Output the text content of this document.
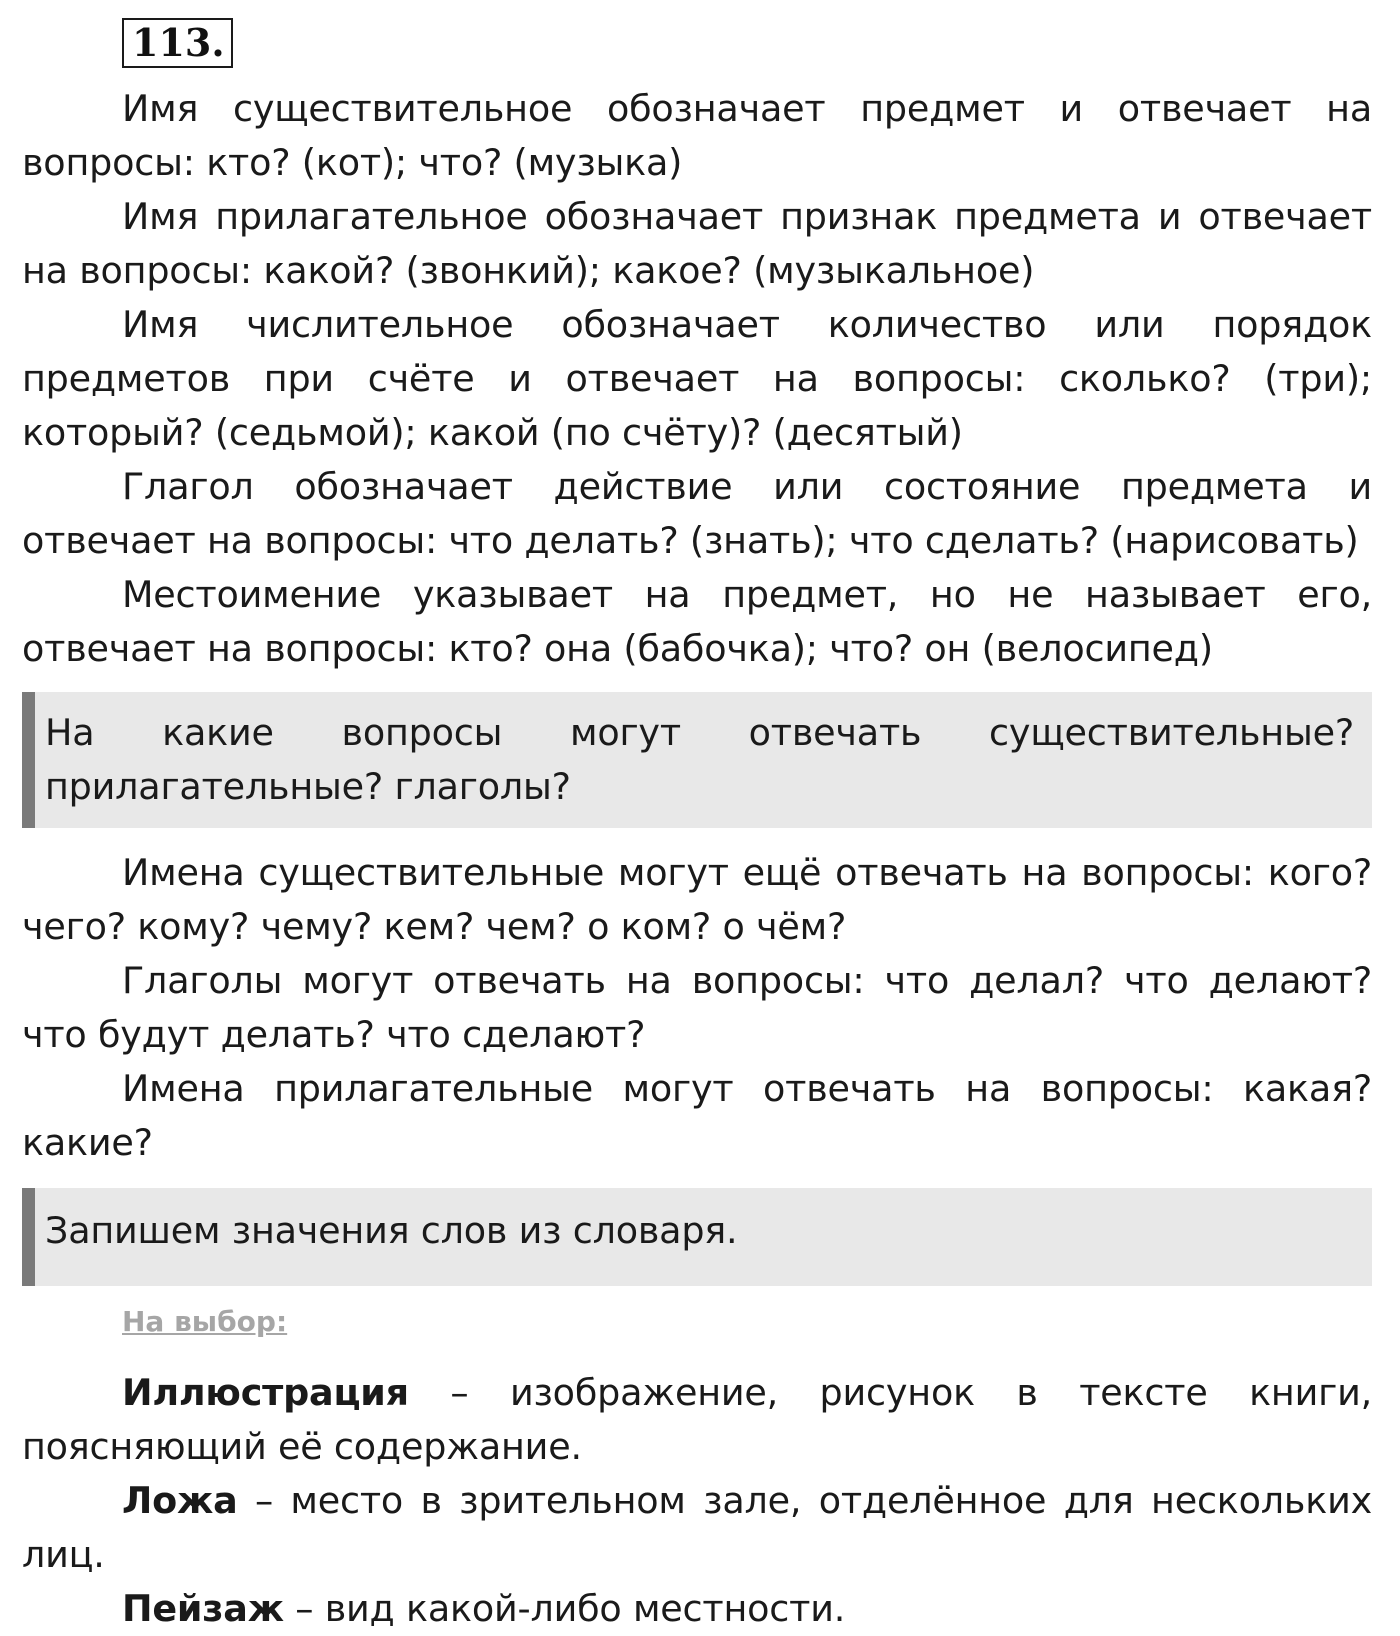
113.

Имя существительное обозначает предмет и отвечает на вопросы: кто? (кот); что? (музыка)

Имя прилагательное обозначает признак предмета и отвечает на вопросы: какой? (звонкий); какое? (музыкальное)

Имя числительное обозначает количество или порядок предметов при счёте и отвечает на вопросы: сколько? (три); который? (седьмой); какой (по счёту)? (десятый)

Глагол обозначает действие или состояние предмета и отвечает на вопросы: что делать? (знать); что сделать? (нарисовать)

Местоимение указывает на предмет, но не называет его, отвечает на вопросы: кто? она (бабочка); что? он (велосипед)

На какие вопросы могут отвечать существительные? прилагательные? глаголы?

Имена существительные могут ещё отвечать на вопросы: кого? чего? кому? чему? кем? чем? о ком? о чём?

Глаголы могут отвечать на вопросы: что делал? что делают? что будут делать? что сделают?

Имена прилагательные могут отвечать на вопросы: какая? какие?

Запишем значения слов из словаря.

На выбор:

Иллюстрация – изображение, рисунок в тексте книги, поясняющий её содержание.

Ложа – место в зрительном зале, отделённое для нескольких лиц.

Пейзаж – вид какой-либо местности.
